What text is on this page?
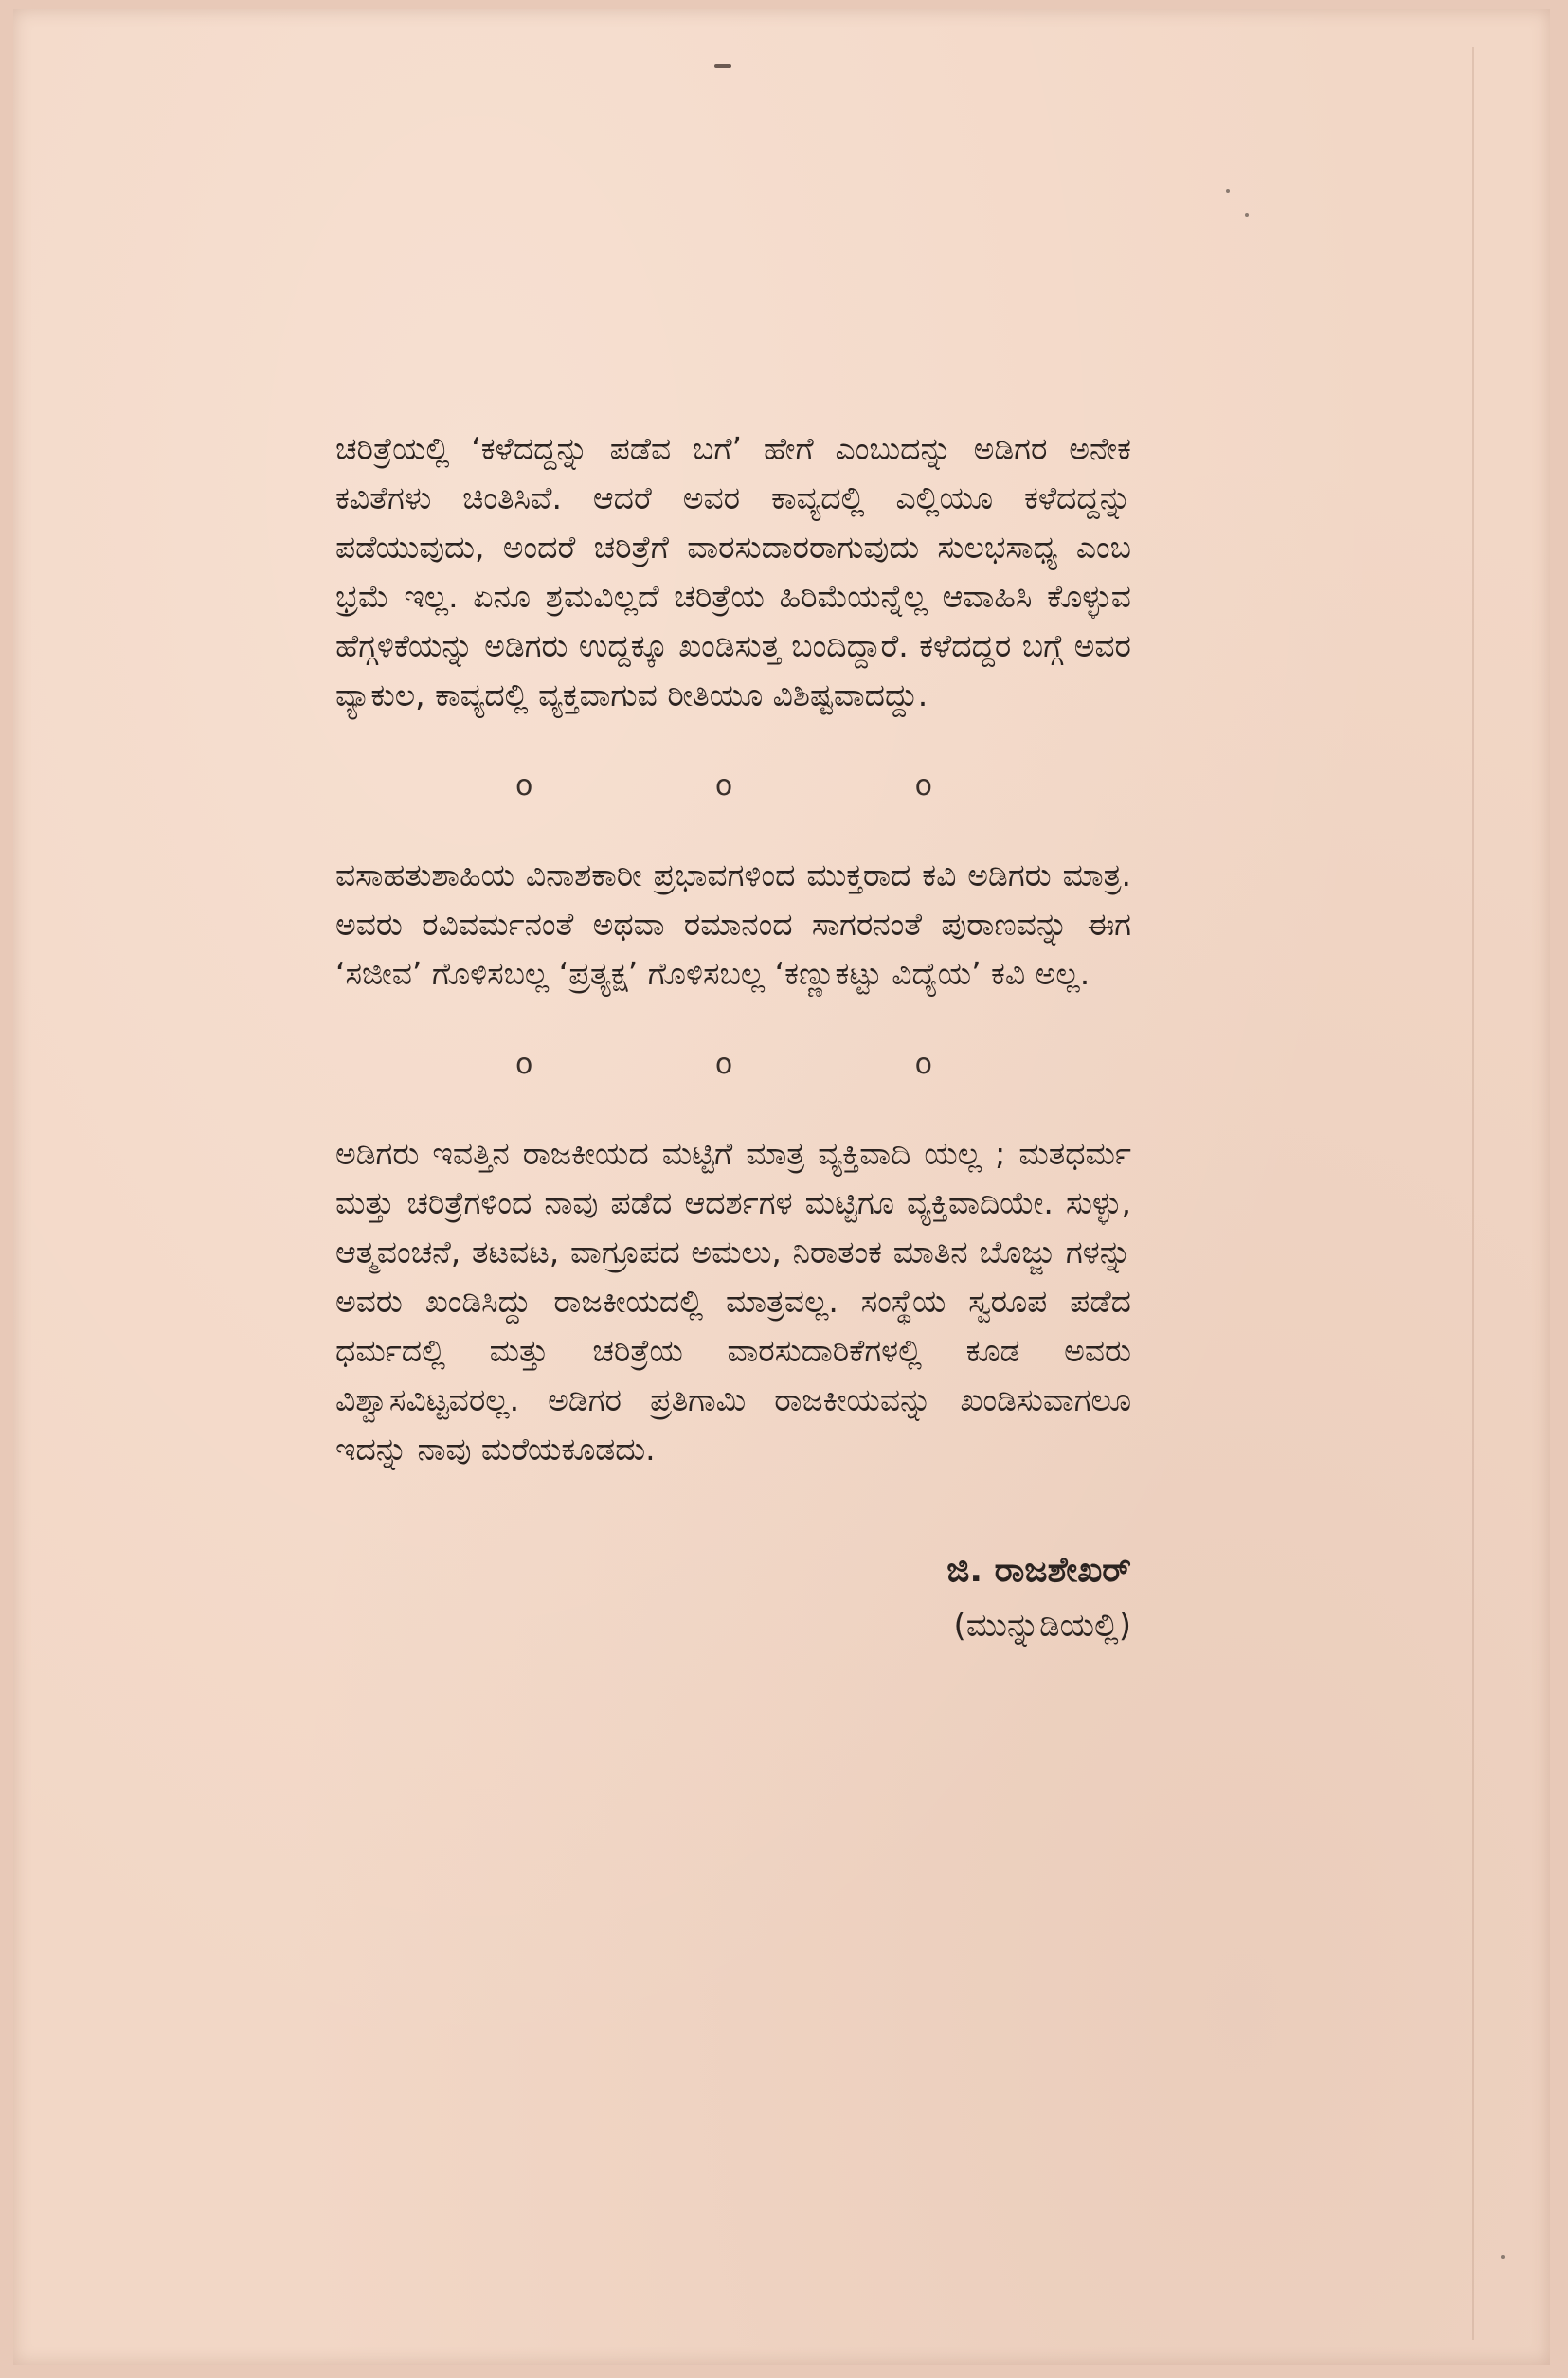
ಚರಿತ್ರೆಯಲ್ಲಿ ‘ಕಳೆದದ್ದನ್ನು ಪಡೆವ ಬಗೆ’ ಹೇಗೆ ಎಂಬುದನ್ನು ಅಡಿಗರ ಅನೇಕ ಕವಿತೆಗಳು ಚಿಂತಿಸಿವೆ. ಆದರೆ ಅವರ ಕಾವ್ಯದಲ್ಲಿ ಎಲ್ಲಿಯೂ ಕಳೆದದ್ದನ್ನು ಪಡೆಯುವುದು, ಅಂದರೆ ಚರಿತ್ರೆಗೆ ವಾರಸುದಾರರಾಗುವುದು ಸುಲಭಸಾಧ್ಯ ಎಂಬ ಭ್ರಮೆ ಇಲ್ಲ. ಏನೂ ಶ್ರಮವಿಲ್ಲದೆ ಚರಿತ್ರೆಯ ಹಿರಿಮೆಯನ್ನೆಲ್ಲ ಆವಾಹಿಸಿ ಕೊಳ್ಳುವ ಹೆಗ್ಗಳಿಕೆಯನ್ನು ಅಡಿಗರು ಉದ್ದಕ್ಕೂ ಖಂಡಿಸುತ್ತ ಬಂದಿದ್ದಾರೆ. ಕಳೆದದ್ದರ ಬಗ್ಗೆ ಅವರ ವ್ಯಾಕುಲ, ಕಾವ್ಯದಲ್ಲಿ ವ್ಯಕ್ತವಾಗುವ ರೀತಿಯೂ ವಿಶಿಷ್ಟವಾದದ್ದು.

o	o	o

ವಸಾಹತುಶಾಹಿಯ ವಿನಾಶಕಾರೀ ಪ್ರಭಾವಗಳಿಂದ ಮುಕ್ತರಾದ ಕವಿ ಅಡಿಗರು ಮಾತ್ರ. ಅವರು ರವಿವರ್ಮನಂತೆ ಅಥವಾ ರಮಾನಂದ ಸಾಗರನಂತೆ ಪುರಾಣವನ್ನು ಈಗ ‘ಸಜೀವ’ ಗೊಳಿಸಬಲ್ಲ ‘ಪ್ರತ್ಯಕ್ಷ’ ಗೊಳಿಸಬಲ್ಲ ‘ಕಣ್ಣುಕಟ್ಟು ವಿದ್ಯೆಯ’ ಕವಿ ಅಲ್ಲ.

o	o	o

ಅಡಿಗರು ಇವತ್ತಿನ ರಾಜಕೀಯದ ಮಟ್ಟಿಗೆ ಮಾತ್ರ ವ್ಯಕ್ತಿವಾದಿ ಯಲ್ಲ ; ಮತಧರ್ಮ ಮತ್ತು ಚರಿತ್ರೆಗಳಿಂದ ನಾವು ಪಡೆದ ಆದರ್ಶಗಳ ಮಟ್ಟಿಗೂ ವ್ಯಕ್ತಿವಾದಿಯೇ. ಸುಳ್ಳು, ಆತ್ಮವಂಚನೆ, ತಟವಟ, ವಾಗ್ರೂಪದ ಅಮಲು, ನಿರಾತಂಕ ಮಾತಿನ ಬೊಜ್ಜು ಗಳನ್ನು ಅವರು ಖಂಡಿಸಿದ್ದು ರಾಜಕೀಯದಲ್ಲಿ ಮಾತ್ರವಲ್ಲ. ಸಂಸ್ಥೆಯ ಸ್ವರೂಪ ಪಡೆದ ಧರ್ಮದಲ್ಲಿ ಮತ್ತು ಚರಿತ್ರೆಯ ವಾರಸುದಾರಿಕೆಗಳಲ್ಲಿ ಕೂಡ ಅವರು ವಿಶ್ವಾಸವಿಟ್ಟವರಲ್ಲ. ಅಡಿಗರ ಪ್ರತಿಗಾಮಿ ರಾಜಕೀಯವನ್ನು ಖಂಡಿಸುವಾಗಲೂ ಇದನ್ನು ನಾವು ಮರೆಯಕೂಡದು.

ಜಿ. ರಾಜಶೇಖರ್
(ಮುನ್ನುಡಿಯಲ್ಲಿ)
